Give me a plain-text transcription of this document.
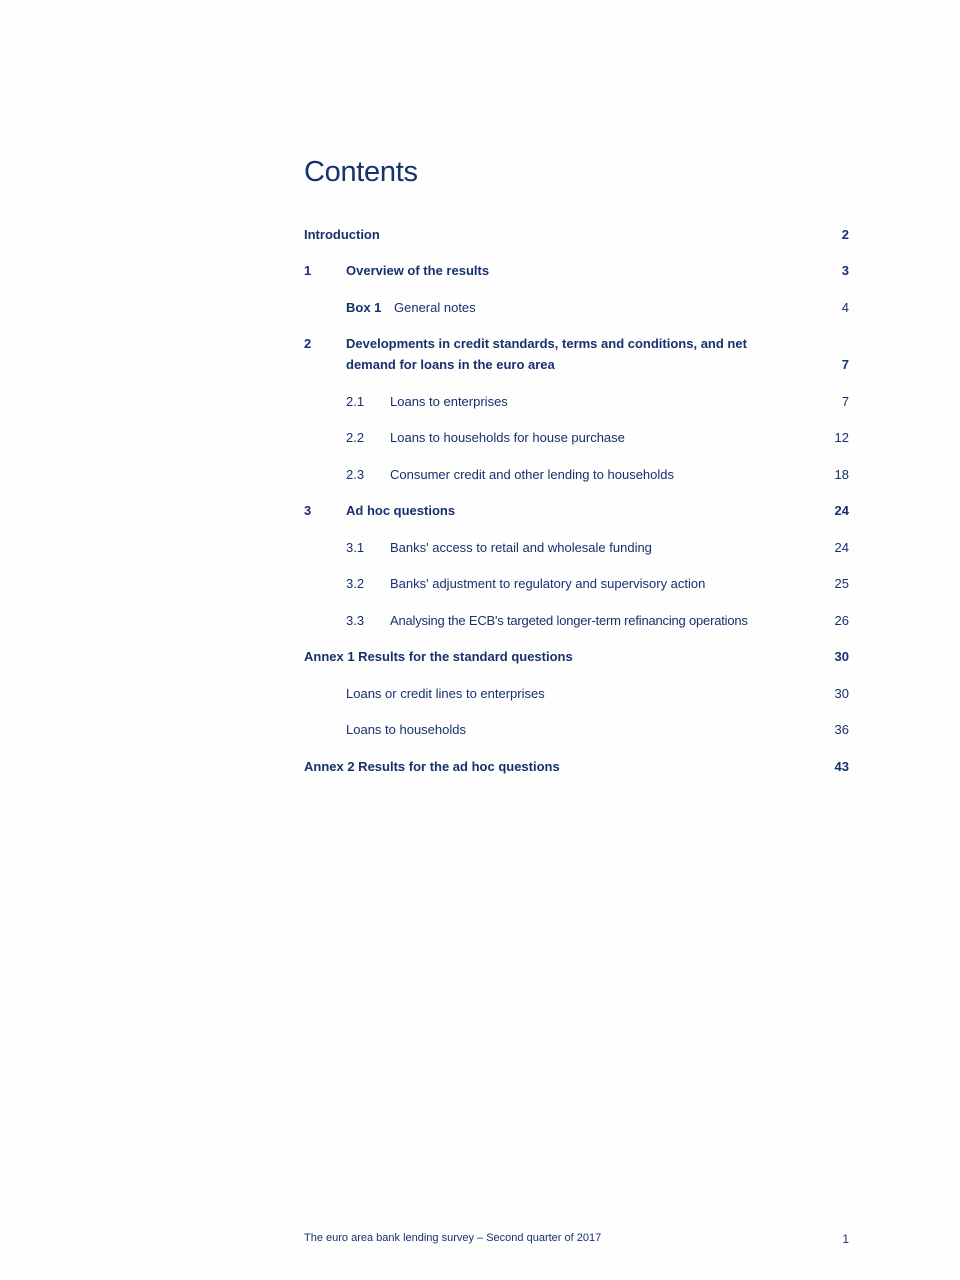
Contents
Introduction	2
1	Overview of the results	3
Box 1 General notes	4
2	Developments in credit standards, terms and conditions, and net
demand for loans in the euro area	7
2.1 Loans to enterprises	7
2.2 Loans to households for house purchase	12
2.3 Consumer credit and other lending to households	18
3	Ad hoc questions	24
3.1 Banks' access to retail and wholesale funding	24
3.2 Banks' adjustment to regulatory and supervisory action	25
3.3 Analysing the ECB's targeted longer-term refinancing operations	26
Annex 1 Results for the standard questions	30
Loans or credit lines to enterprises	30
Loans to households	36
Annex 2 Results for the ad hoc questions	43
The euro area bank lending survey – Second quarter of 2017	1
